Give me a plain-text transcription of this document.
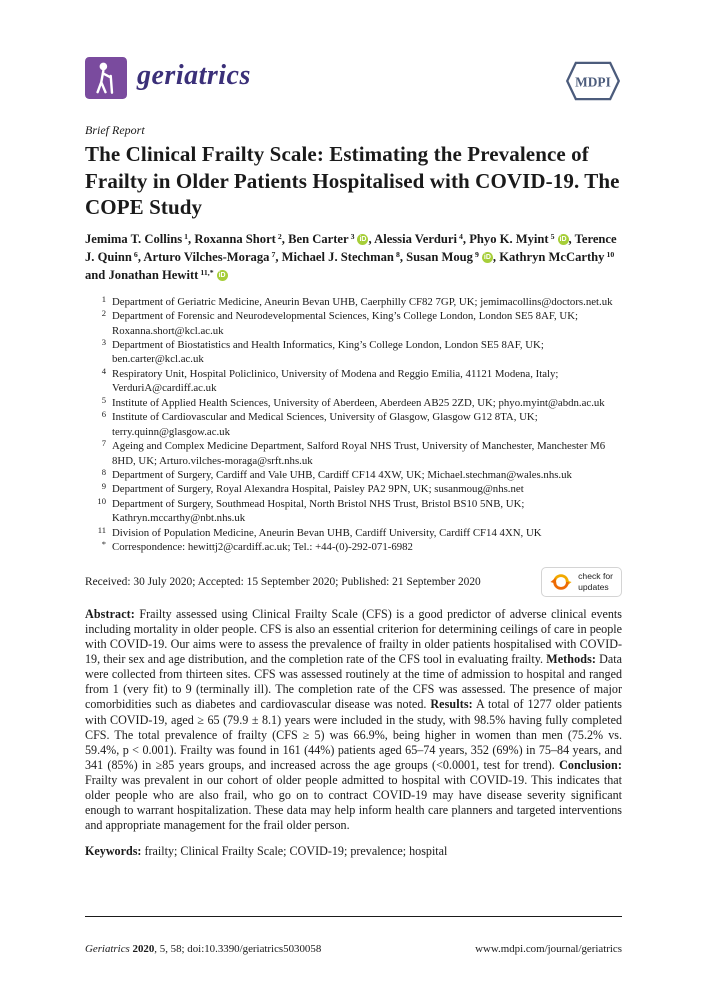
geriatrics	MDPI
Brief Report
The Clinical Frailty Scale: Estimating the Prevalence of Frailty in Older Patients Hospitalised with COVID-19. The COPE Study
Jemima T. Collins $^1$, Roxanna Short $^2$, Ben Carter $^3$ iD , Alessia Verduri $^4$, Phyo K. Myint $^5$ iD , Terence J. Quinn $^6$, Arturo Vilches-Moraga $^7$, Michael J. Stechman $^8$, Susan Moug $^9$ iD , Kathryn McCarthy $^{10}$ and Jonathan Hewitt $^{11,*}$ iD
1 Department of Geriatric Medicine, Aneurin Bevan UHB, Caerphilly CF82 7GP, UK; jemimacollins@doctors.net.uk
2 Department of Forensic and Neurodevelopmental Sciences, King’s College London, London SE5 8AF, UK; Roxanna.short@kcl.ac.uk
3 Department of Biostatistics and Health Informatics, King’s College London, London SE5 8AF, UK; ben.carter@kcl.ac.uk
4 Respiratory Unit, Hospital Policlinico, University of Modena and Reggio Emilia, 41121 Modena, Italy; VerduriA@cardiff.ac.uk
5 Institute of Applied Health Sciences, University of Aberdeen, Aberdeen AB25 2ZD, UK; phyo.myint@abdn.ac.uk
6 Institute of Cardiovascular and Medical Sciences, University of Glasgow, Glasgow G12 8TA, UK; terry.quinn@glasgow.ac.uk
7 Ageing and Complex Medicine Department, Salford Royal NHS Trust, University of Manchester, Manchester M6 8HD, UK; Arturo.vilches-moraga@srft.nhs.uk
8 Department of Surgery, Cardiff and Vale UHB, Cardiff CF14 4XW, UK; Michael.stechman@wales.nhs.uk
9 Department of Surgery, Royal Alexandra Hospital, Paisley PA2 9PN, UK; susanmoug@nhs.net
10 Department of Surgery, Southmead Hospital, North Bristol NHS Trust, Bristol BS10 5NB, UK; Kathryn.mccarthy@nbt.nhs.uk
11 Division of Population Medicine, Aneurin Bevan UHB, Cardiff University, Cardiff CF14 4XN, UK
* Correspondence: hewittj2@cardiff.ac.uk; Tel.: +44-(0)-292-071-6982
Received: 30 July 2020; Accepted: 15 September 2020; Published: 21 September 2020	check for
updates

Abstract: Frailty assessed using Clinical Frailty Scale (CFS) is a good predictor of adverse clinical events including mortality in older people. CFS is also an essential criterion for determining ceilings of care in people with COVID-19. Our aims were to assess the prevalence of frailty in older patients hospitalised with COVID-19, their sex and age distribution, and the completion rate of the CFS tool in evaluating frailty. Methods: Data were collected from thirteen sites. CFS was assessed routinely at the time of admission to hospital and ranged from 1 (very fit) to 9 (terminally ill). The completion rate of the CFS was assessed. The presence of major comorbidities such as diabetes and cardiovascular disease was noted. Results: A total of 1277 older patients with COVID-19, aged ≥ 65 (79.9 ± 8.1) years were included in the study, with 98.5% having fully completed CFS. The total prevalence of frailty (CFS ≥ 5) was 66.9%, being higher in women than men (75.2% vs. 59.4%, p < 0.001). Frailty was found in 161 (44%) patients aged 65–74 years, 352 (69%) in 75–84 years, and 341 (85%) in ≥85 years groups, and increased across the age groups (<0.0001, test for trend). Conclusion: Frailty was prevalent in our cohort of older people admitted to hospital with COVID-19. This indicates that older people who are also frail, who go on to contract COVID-19 may have disease severity significant enough to warrant hospitalization. These data may help inform health care planners and targeted interventions and appropriate management for the frail older person.

Keywords: frailty; Clinical Frailty Scale; COVID-19; prevalence; hospital

Geriatrics 2020, 5, 58; doi:10.3390/geriatrics5030058	www.mdpi.com/journal/geriatrics
